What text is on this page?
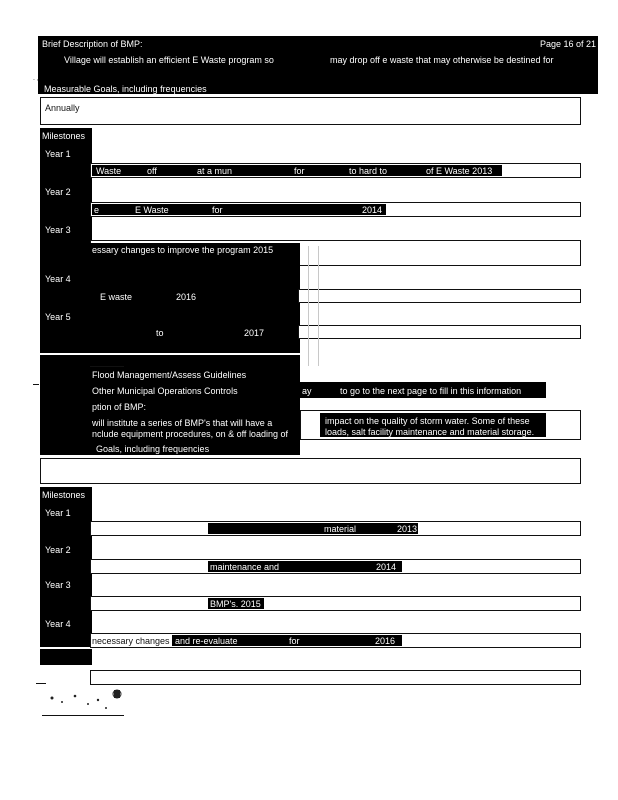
Brief Description of BMP:	Page 16 of 21
Village will establish an efficient E Waste program so	may drop off e waste that may otherwise be destined for
Measurable Goals, including frequencies
. ,
Annually
Milestones
Year 1
Waste	off	at a mun	for	to hard to	of E Waste 2013
Year 2
e	E Waste	for	2014
Year 3
essary changes to improve the program 2015
Year 4
E waste	2016
Year 5
to	2017
Flood Management/Assess Guidelines
Other Municipal Operations Controls	ay	to go to the next page to fill in this information
ption of BMP:
will institute a series of BMP's that will have a
nclude equipment procedures, on & off loading of
impact on the quality of storm water. Some of these
loads, salt facility maintenance and material storage.
Goals, including frequencies
Milestones
Year 1
material	2013
Year 2
maintenance and	2014
Year 3
BMP's. 2015
Year 4
necessary changes and re-evaluate	for	2016
